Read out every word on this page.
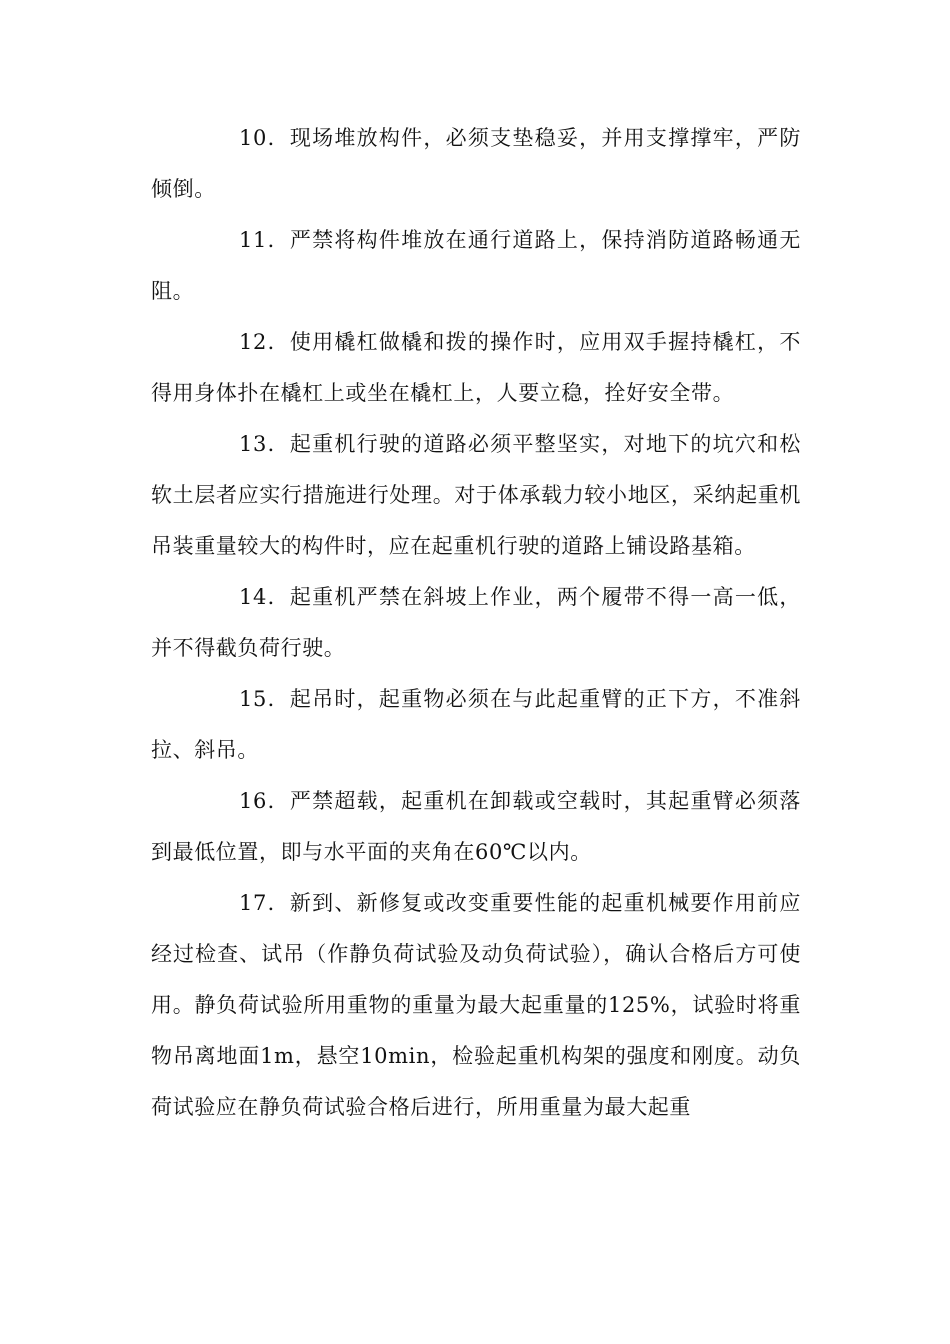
10．现场堆放构件，必须支垫稳妥，并用支撑撑牢，严防倾倒。

11．严禁将构件堆放在通行道路上，保持消防道路畅通无阻。

12．使用橇杠做橇和拨的操作时，应用双手握持橇杠，不得用身体扑在橇杠上或坐在橇杠上，人要立稳，拴好安全带。

13．起重机行驶的道路必须平整坚实，对地下的坑穴和松软土层者应实行措施进行处理。对于体承载力较小地区，采纳起重机吊装重量较大的构件时，应在起重机行驶的道路上铺设路基箱。

14．起重机严禁在斜坡上作业，两个履带不得一高一低，并不得截负荷行驶。

15．起吊时，起重物必须在与此起重臂的正下方，不准斜拉、斜吊。

16．严禁超载，起重机在卸载或空载时，其起重臂必须落到最低位置，即与水平面的夹角在60℃以内。

17．新到、新修复或改变重要性能的起重机械要作用前应经过检查、试吊（作静负荷试验及动负荷试验），确认合格后方可使用。静负荷试验所用重物的重量为最大起重量的125%，试验时将重物吊离地面1m，悬空10min，检验起重机构架的强度和刚度。动负荷试验应在静负荷试验合格后进行，所用重量为最大起重
